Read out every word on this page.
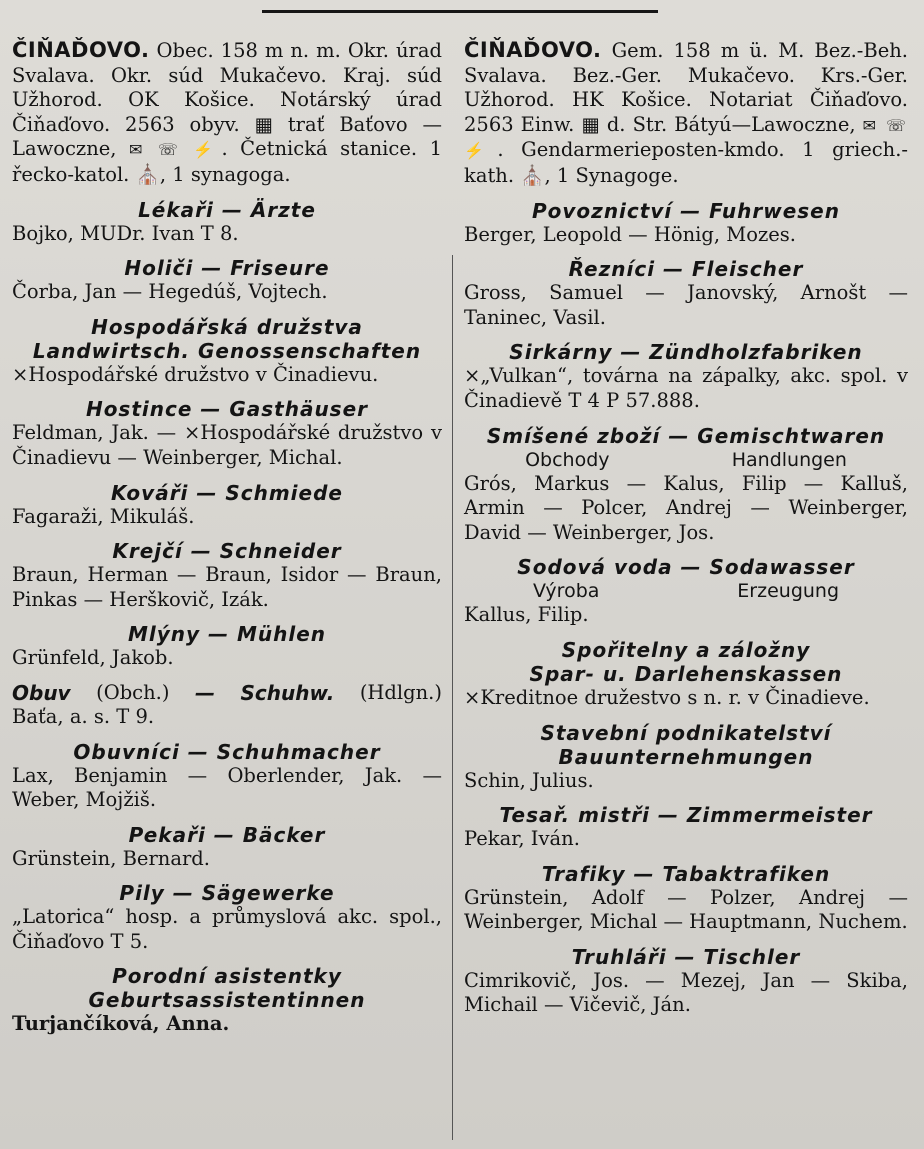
ČIŇAĎOVO. Obec. 158 m n. m. Okr. úrad Svalava. Okr. súd Mukačevo. Kraj. súd Užhorod. OK Košice. Notárský úrad Čiňaďovo. 2563 obyv. ▦ trať Baťovo —Lawoczne, ✉ ☏ ⚡. Četnická stanice. 1 řecko-katol. ⛪, 1 synagoga.

Lékaři — Ärzte

Bojko, MUDr. Ivan T 8.

Holiči — Friseure

Čorba, Jan — Hegedúš, Vojtech.

Hospodářská družstva

Landwirtsch. Genossenschaften

×Hospodářské družstvo v Činadievu.

Hostince — Gasthäuser

Feldman, Jak. — ×Hospodářské družstvo v Činadievu — Weinberger, Michal.

Kováři — Schmiede

Fagaraži, Mikuláš.

Krejčí — Schneider

Braun, Herman — Braun, Isidor — Braun, Pinkas — Herškovič, Izák.

Mlýny — Mühlen

Grünfeld, Jakob.

Obuv (Obch.) — Schuhw. (Hdlgn.)

Baťa, a. s. T 9.

Obuvníci — Schuhmacher

Lax, Benjamin — Oberlender, Jak. — Weber, Mojžiš.

Pekaři — Bäcker

Grünstein, Bernard.

Pily — Sägewerke

„Latorica“ hosp. a průmyslová akc. spol., Čiňaďovo T 5.

Porodní asistentky

Geburtsassistentinnen

Turjančíková, Anna.

ČIŇAĎOVO. Gem. 158 m ü. M. Bez.-Beh. Svalava. Bez.-Ger. Mukačevo. Krs.-Ger. Užhorod. HK Košice. Notariat Čiňaďovo. 2563 Einw. ▦ d. Str. Bátyú—Lawoczne, ✉ ☏ ⚡. Gendarmerieposten-kmdo. 1 griech.-kath. ⛪, 1 Synagoge.

Povoznictví — Fuhrwesen

Berger, Leopold — Hönig, Mozes.

Řezníci — Fleischer

Gross, Samuel — Janovský, Arnošt — Taninec, Vasil.

Sirkárny — Zündholzfabriken

×„Vulkan“, továrna na zápalky, akc. spol. v Činadievě T 4 P 57.888.

Smíšené zboží — Gemischtwaren

Obchody	Handlungen

Grós, Markus — Kalus, Filip — Kalluš, Armin — Polcer, Andrej — Weinberger, David — Weinberger, Jos.

Sodová voda — Sodawasser

Výroba	Erzeugung

Kallus, Filip.

Spořitelny a záložny

Spar- u. Darlehenskassen

×Kreditnoe družestvo s n. r. v Činadieve.

Stavební podnikatelství

Bauunternehmungen

Schin, Julius.

Tesař. mistři — Zimmermeister

Pekar, Iván.

Trafiky — Tabaktrafiken

Grünstein, Adolf — Polzer, Andrej — Weinberger, Michal — Hauptmann, Nuchem.

Truhláři — Tischler

Cimrikovič, Jos. — Mezej, Jan — Skiba, Michail — Vičevič, Ján.
